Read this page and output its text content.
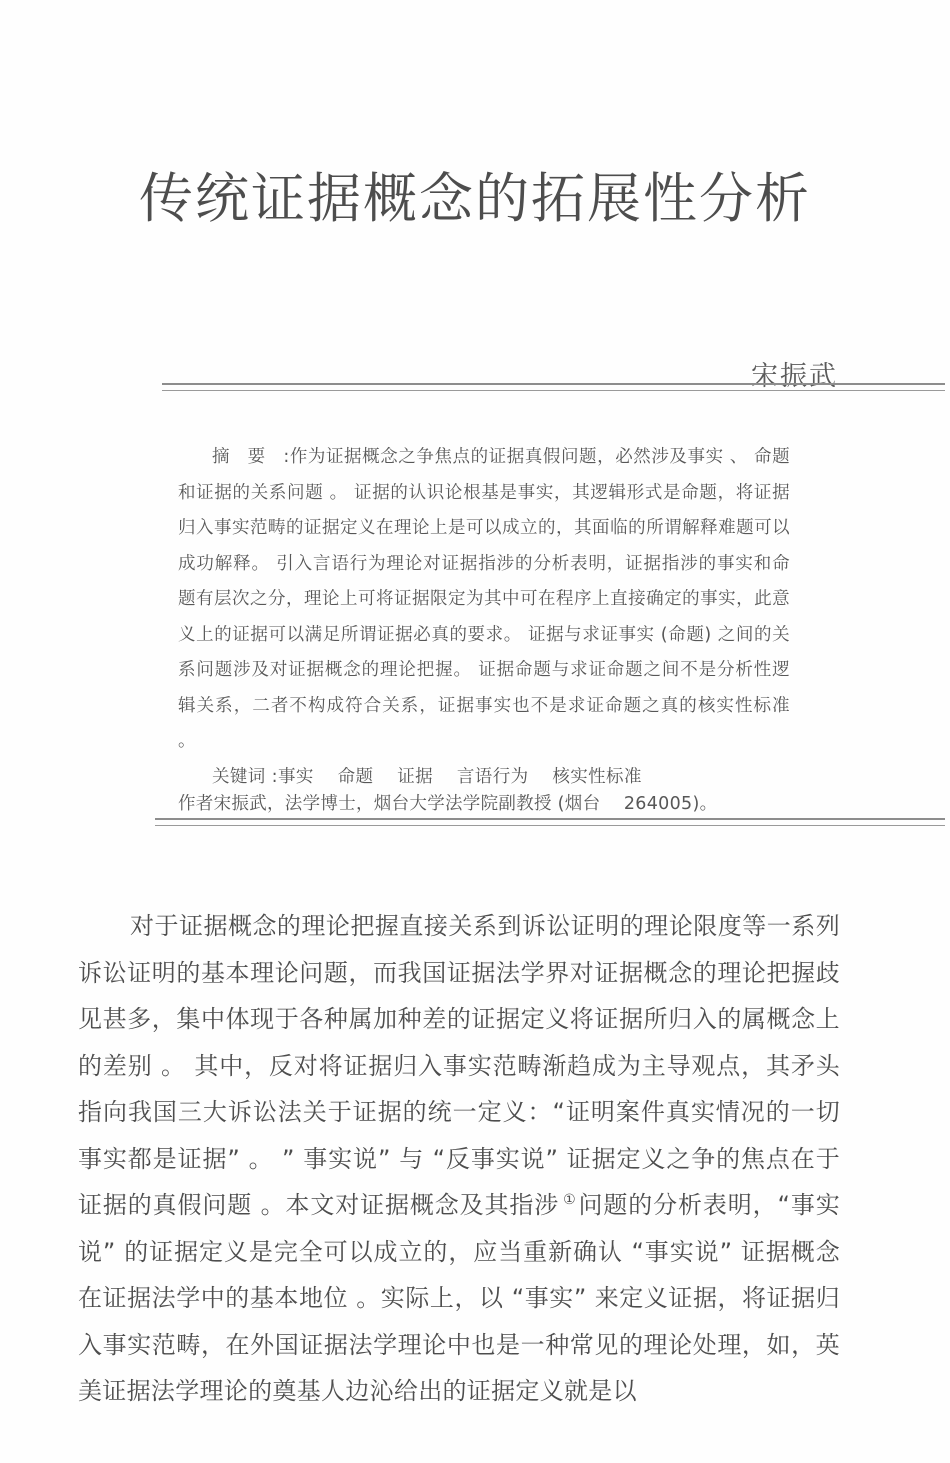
传统证据概念的拓展性分析
宋振武

摘要:作为证据概念之争焦点的证据真假问题，必然涉及事实 、 命题和证据的关系问题 。 证据的认识论根基是事实，其逻辑形式是命题，将证据归入事实范畴的证据定义在理论上是可以成立的，其面临的所谓解释难题可以成功解释。 引入言语行为理论对证据指涉的分析表明，证据指涉的事实和命题有层次之分，理论上可将证据限定为其中可在程序上直接确定的事实，此意义上的证据可以满足所谓证据必真的要求。 证据与求证事实 (命题) 之间的关系问题涉及对证据概念的理论把握。 证据命题与求证命题之间不是分析性逻辑关系，二者不构成符合关系，证据事实也不是求证命题之真的核实性标准 。

关键词 :事实    命题    证据    言语行为    核实性标准

作者宋振武，法学博士，烟台大学法学院副教授 (烟台    264005)。

对于证据概念的理论把握直接关系到诉讼证明的理论限度等一系列诉讼证明的基本理论问题，而我国证据法学界对证据概念的理论把握歧见甚多，集中体现于各种属加种差的证据定义将证据所归入的属概念上的差别 。 其中，反对将证据归入事实范畴渐趋成为主导观点，其矛头指向我国三大诉讼法关于证据的统一定义：“证明案件真实情况的一切事实都是证据” 。 ” 事实说” 与 “反事实说” 证据定义之争的焦点在于证据的真假问题 。本文对证据概念及其指涉 ①问题的分析表明，“事实说” 的证据定义是完全可以成立的，应当重新确认 “事实说” 证据概念在证据法学中的基本地位 。实际上，以 “事实” 来定义证据，将证据归入事实范畴，在外国证据法学理论中也是一种常见的理论处理，如，英美证据法学理论的奠基人边沁给出的证据定义就是以
